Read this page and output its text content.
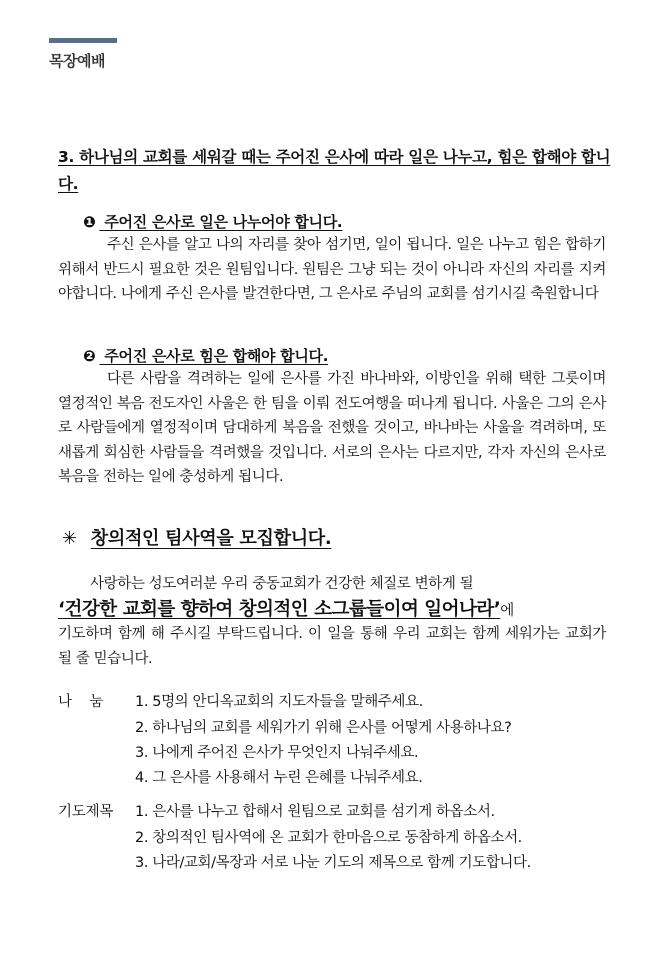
목장예배
3. 하나님의 교회를 세워갈 때는 주어진 은사에 따라 일은 나누고, 힘은 합해야 합니다.
❶ 주어진 은사로 일은 나누어야 합니다.
주신 은사를 알고 나의 자리를 찾아 섬기면, 일이 됩니다. 일은 나누고 힘은 합하기 위해서 반드시 필요한 것은 원팀입니다. 원팀은 그냥 되는 것이 아니라 자신의 자리를 지켜야합니다. 나에게 주신 은사를 발견한다면, 그 은사로 주님의 교회를 섬기시길 축원합니다
❷ 주어진 은사로 힘은 합해야 합니다.
다른 사람을 격려하는 일에 은사를 가진 바나바와, 이방인을 위해 택한 그릇이며 열정적인 복음 전도자인 사울은 한 팀을 이뤄 전도여행을 떠나게 됩니다. 사울은 그의 은사로 사람들에게 열정적이며 담대하게 복음을 전했을 것이고, 바나바는 사울을 격려하며, 또 새롭게 회심한 사람들을 격려했을 것입니다. 서로의 은사는 다르지만, 각자 자신의 은사로 복음을 전하는 일에 충성하게 됩니다.
✳ 창의적인 팀사역을 모집합니다.
사랑하는 성도여러분 우리 중동교회가 건강한 체질로 변하게 될
‘건강한 교회를 향하여 창의적인 소그룹들이여 일어나라’에
기도하며 함께 해 주시길 부탁드립니다. 이 일을 통해 우리 교회는 함께 세워가는 교회가 될 줄 믿습니다.
나    눔 1. 5명의 안디옥교회의 지도자들을 말해주세요.
2. 하나님의 교회를 세워가기 위해 은사를 어떻게 사용하나요?
3. 나에게 주어진 은사가 무엇인지 나눠주세요.
4. 그 은사를 사용해서 누린 은혜를 나눠주세요.
기도제목 1. 은사를 나누고 합해서 원팀으로 교회를 섬기게 하옵소서.
2. 창의적인 팀사역에 온 교회가 한마음으로 동참하게 하옵소서.
3. 나라/교회/목장과 서로 나눈 기도의 제목으로 함께 기도합니다.
